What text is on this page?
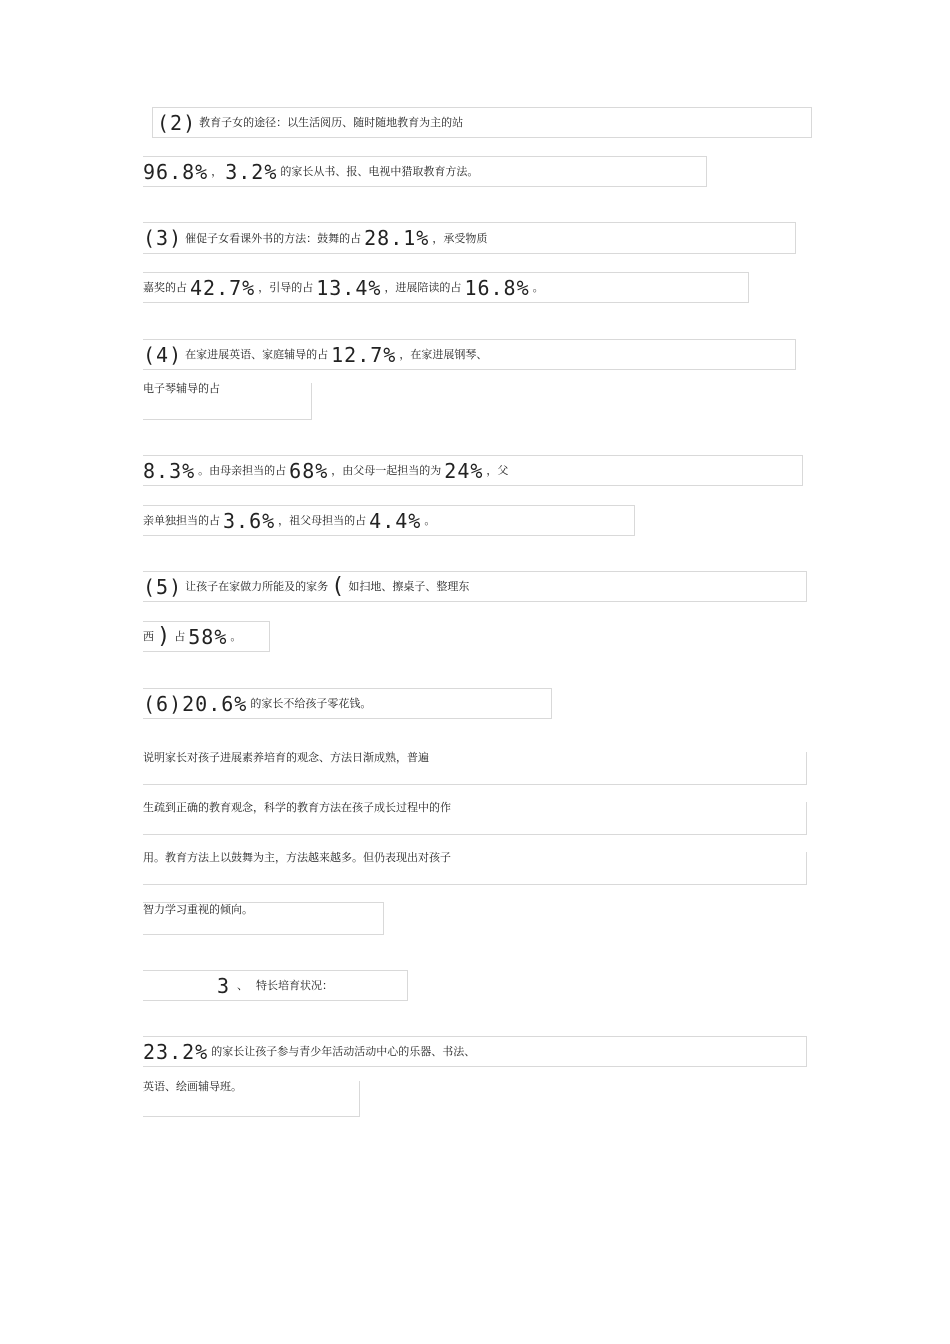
(2) 教育子女的途径：以生活阅历、随时随地教育为主的站
96.8% ， 3.2% 的家长从书、报、电视中猎取教育方法。
(3) 催促子女看课外书的方法：鼓舞的占 28.1% ，承受物质
嘉奖的占 42.7% ，引导的占 13.4% ，进展陪读的占 16.8% 。
(4) 在家进展英语、家庭辅导的占 12.7% ，在家进展钢琴、
电子琴辅导的占
8.3% 。由母亲担当的占 68% ，由父母一起担当的为 24% ，父
亲单独担当的占 3.6% ，祖父母担当的占 4.4% 。
(5) 让孩子在家做力所能及的家务 ( 如扫地、擦桌子、整理东
西 ) 占 58% 。
(6)20.6% 的家长不给孩子零花钱。
说明家长对孩子进展素养培育的观念、方法日渐成熟，普遍
生疏到正确的教育观念，科学的教育方法在孩子成长过程中的作
用。教育方法上以鼓舞为主，方法越来越多。但仍表现出对孩子
智力学习重视的倾向。
3 、 特长培育状况：
23.2% 的家长让孩子参与青少年活动活动中心的乐器、书法、
英语、绘画辅导班。
